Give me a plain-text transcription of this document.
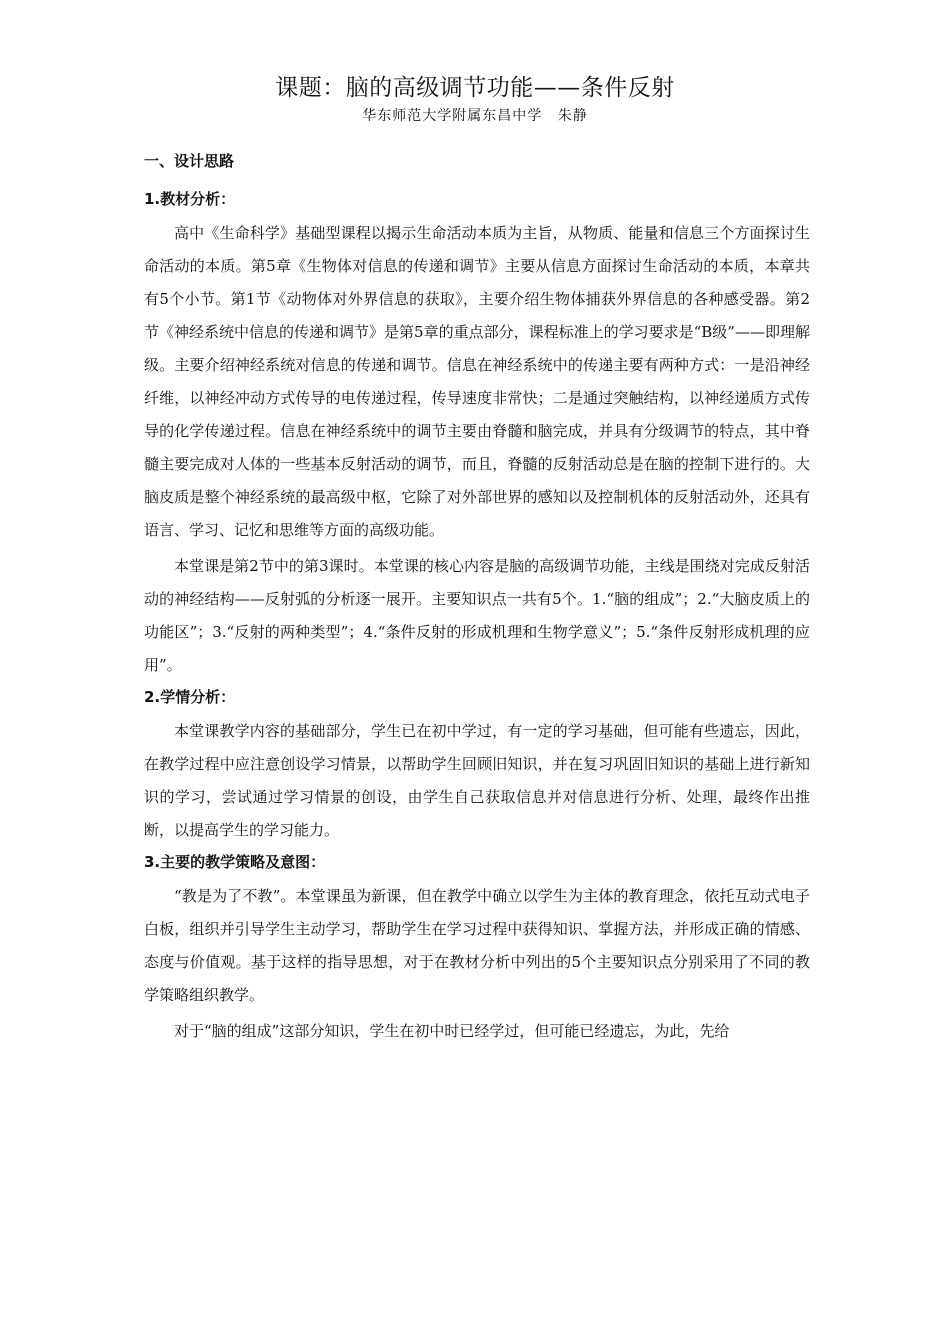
课题：脑的高级调节功能——条件反射
华东师范大学附属东昌中学 朱静
一、设计思路
1.教材分析：

高中《生命科学》基础型课程以揭示生命活动本质为主旨，从物质、能量和信息三个方面探讨生命活动的本质。第5章《生物体对信息的传递和调节》主要从信息方面探讨生命活动的本质，本章共有5个小节。第1节《动物体对外界信息的获取》，主要介绍生物体捕获外界信息的各种感受器。第2节《神经系统中信息的传递和调节》是第5章的重点部分，课程标准上的学习要求是“B级”——即理解级。主要介绍神经系统对信息的传递和调节。信息在神经系统中的传递主要有两种方式：一是沿神经纤维，以神经冲动方式传导的电传递过程，传导速度非常快；二是通过突触结构，以神经递质方式传导的化学传递过程。信息在神经系统中的调节主要由脊髓和脑完成，并具有分级调节的特点，其中脊髓主要完成对人体的一些基本反射活动的调节，而且，脊髓的反射活动总是在脑的控制下进行的。大脑皮质是整个神经系统的最高级中枢，它除了对外部世界的感知以及控制机体的反射活动外，还具有语言、学习、记忆和思维等方面的高级功能。

本堂课是第2节中的第3课时。本堂课的核心内容是脑的高级调节功能，主线是围绕对完成反射活动的神经结构——反射弧的分析逐一展开。主要知识点一共有5个。1.“脑的组成”；2.“大脑皮质上的功能区”；3.“反射的两种类型”；4.“条件反射的形成机理和生物学意义”；5.“条件反射形成机理的应用”。

2.学情分析：

本堂课教学内容的基础部分，学生已在初中学过，有一定的学习基础，但可能有些遗忘，因此，在教学过程中应注意创设学习情景，以帮助学生回顾旧知识，并在复习巩固旧知识的基础上进行新知识的学习，尝试通过学习情景的创设，由学生自己获取信息并对信息进行分析、处理，最终作出推断，以提高学生的学习能力。

3.主要的教学策略及意图：

“教是为了不教”。本堂课虽为新课，但在教学中确立以学生为主体的教育理念，依托互动式电子白板，组织并引导学生主动学习，帮助学生在学习过程中获得知识、掌握方法，并形成正确的情感、态度与价值观。基于这样的指导思想，对于在教材分析中列出的5个主要知识点分别采用了不同的教学策略组织教学。

对于“脑的组成”这部分知识，学生在初中时已经学过，但可能已经遗忘，为此，先给
